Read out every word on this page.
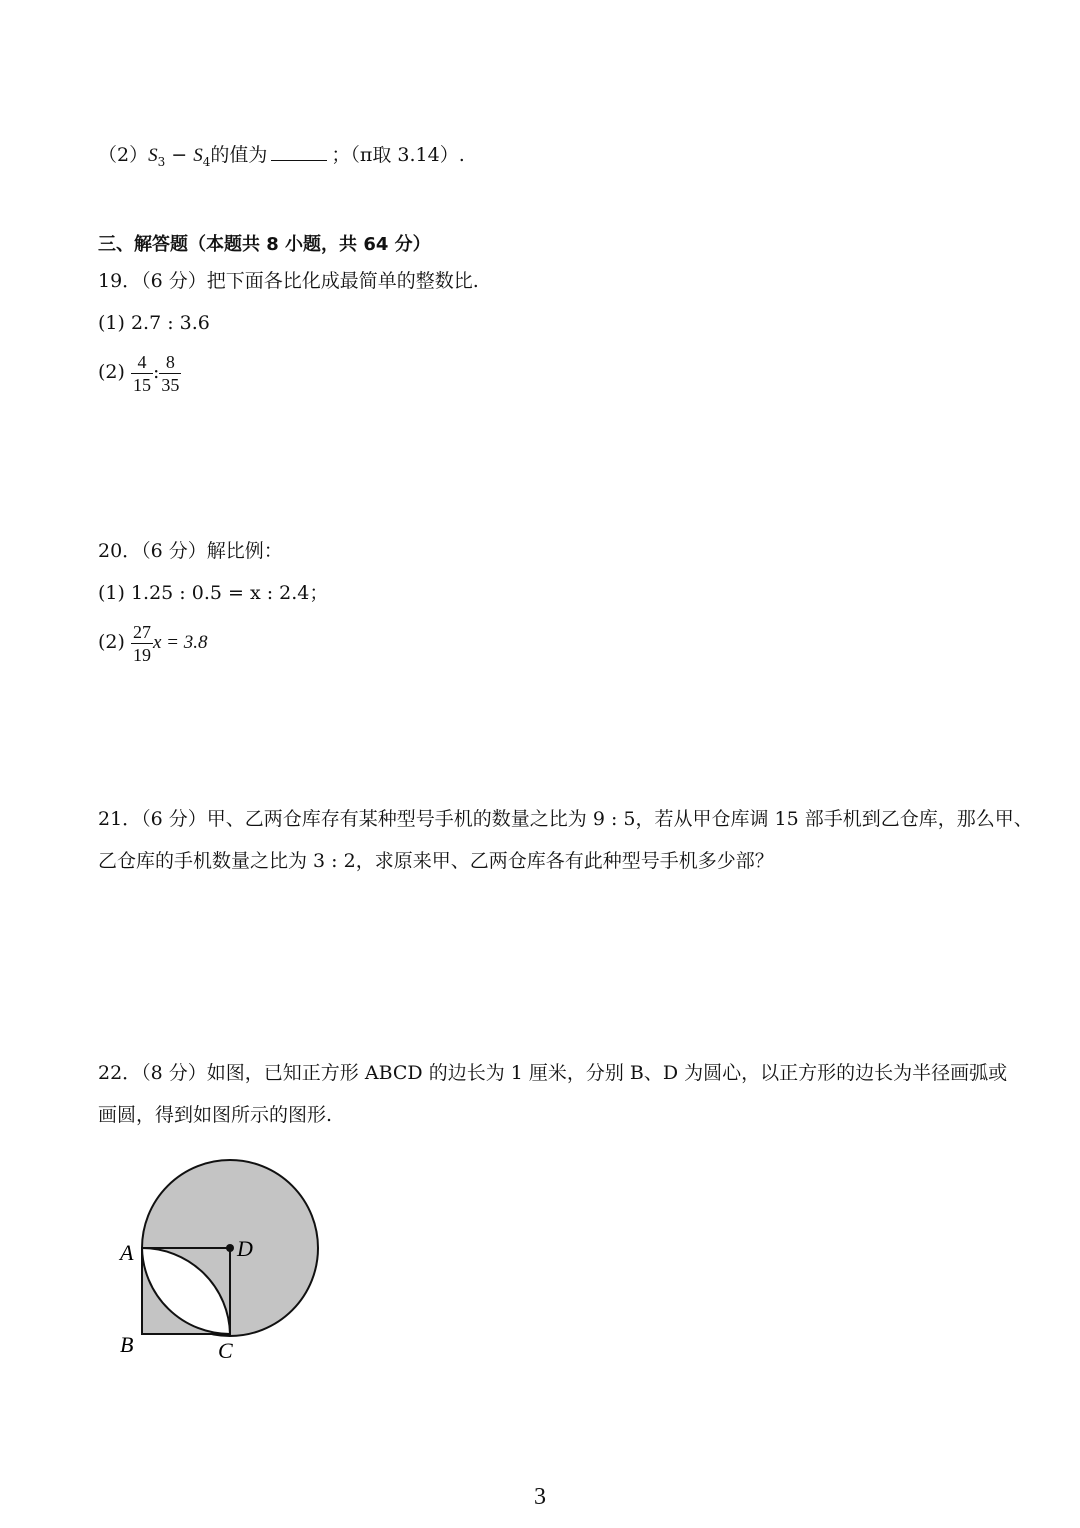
$(2)S_3 - S_4$的值为	；（π取 3.14）.
三、解答题（本题共 8 小题，共 64 分）
19．（6 分）把下面各比化成最简单的整数比.
(1) 2.7 : 3.6
$(2) \frac{4}{15}$ : $\frac{8}{35}$
20．（6 分）解比例：
(1) 1.25 : 0.5 = x : 2.4；
$(2) \frac{27}{19}$ x = 3.8
21．（6 分）甲、乙两仓库存有某种型号手机的数量之比为 9 : 5，若从甲仓库调 15 部手机到乙仓库，那么甲、
乙仓库的手机数量之比为 3 : 2，求原来甲、乙两仓库各有此种型号手机多少部？
22．（8 分）如图，已知正方形 ABCD 的边长为 1 厘米，分别 B、D 为圆心，以正方形的边长为半径画弧或
画圆，得到如图所示的图形.
A	D
B	C
3
